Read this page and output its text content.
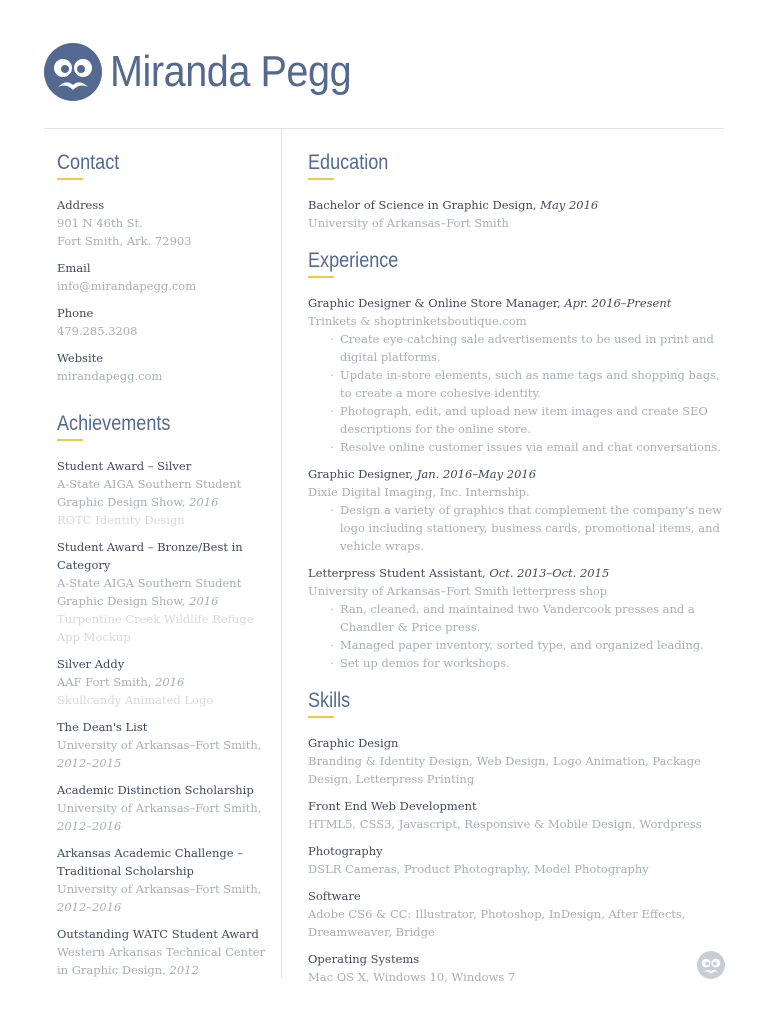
Miranda Pegg
Contact
Address
901 N 46th St.
Fort Smith, Ark. 72903
Email
info@mirandapegg.com
Phone
479.285.3208
Website
mirandapegg.com
Achievements
Student Award – Silver
A-State AIGA Southern Student Graphic Design Show, 2016
ROTC Identity Design
Student Award – Bronze/Best in Category
A-State AIGA Southern Student Graphic Design Show, 2016
Turpentine Creek Wildlife Refuge App Mockup
Silver Addy
AAF Fort Smith, 2016
Skullcandy Animated Logo
The Dean's List
University of Arkansas–Fort Smith, 2012–2015
Academic Distinction Scholarship
University of Arkansas–Fort Smith, 2012–2016
Arkansas Academic Challenge –Traditional Scholarship
University of Arkansas–Fort Smith, 2012–2016
Outstanding WATC Student Award
Western Arkansas Technical Center in Graphic Design, 2012
Education
Bachelor of Science in Graphic Design, May 2016
University of Arkansas–Fort Smith
Experience
Graphic Designer & Online Store Manager, Apr. 2016–Present
Trinkets & shoptrinketsboutique.com
· Create eye-catching sale advertisements to be used in print and digital platforms.
· Update in-store elements, such as name tags and shopping bags, to create a more cohesive identity.
· Photograph, edit, and upload new item images and create SEO descriptions for the online store.
· Resolve online customer issues via email and chat conversations.
Graphic Designer, Jan. 2016–May 2016
Dixie Digital Imaging, Inc. Internship.
· Design a variety of graphics that complement the company's new logo including stationery, business cards, promotional items, and vehicle wraps.
Letterpress Student Assistant, Oct. 2013–Oct. 2015
University of Arkansas–Fort Smith letterpress shop
· Ran, cleaned, and maintained two Vandercook presses and a Chandler & Price press.
· Managed paper inventory, sorted type, and organized leading.
· Set up demos for workshops.
Skills
Graphic Design
Branding & Identity Design, Web Design, Logo Animation, Package Design, Letterpress Printing
Front End Web Development
HTML5, CSS3, Javascript, Responsive & Mobile Design, Wordpress
Photography
DSLR Cameras, Product Photography, Model Photography
Software
Adobe CS6 & CC: Illustrator, Photoshop, InDesign, After Effects, Dreamweaver, Bridge
Operating Systems
Mac OS X, Windows 10, Windows 7
